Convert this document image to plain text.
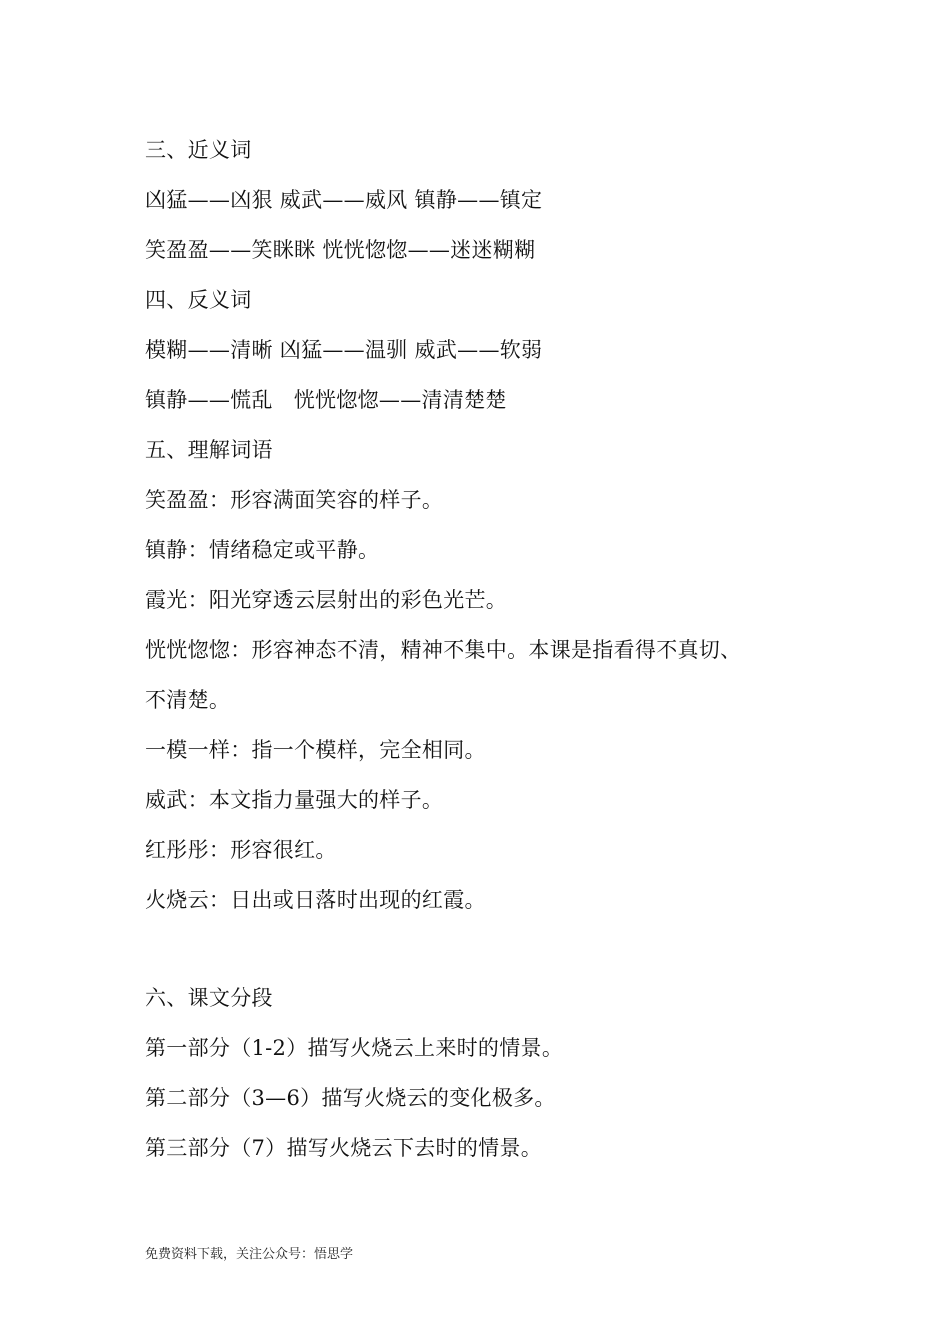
三、近义词
凶猛——凶狠 威武——威风 镇静——镇定
笑盈盈——笑眯眯 恍恍惚惚——迷迷糊糊
四、反义词
模糊——清晰 凶猛——温驯 威武——软弱
镇静——慌乱   恍恍惚惚——清清楚楚
五、理解词语
笑盈盈：形容满面笑容的样子。
镇静：情绪稳定或平静。
霞光：阳光穿透云层射出的彩色光芒。
恍恍惚惚：形容神态不清，精神不集中。本课是指看得不真切、
不清楚。
一模一样：指一个模样，完全相同。
威武：本文指力量强大的样子。
红彤彤：形容很红。
火烧云：日出或日落时出现的红霞。
六、课文分段
第一部分（1-2）描写火烧云上来时的情景。
第二部分（3—6）描写火烧云的变化极多。
第三部分（7）描写火烧云下去时的情景。
免费资料下载，关注公众号：悟思学
